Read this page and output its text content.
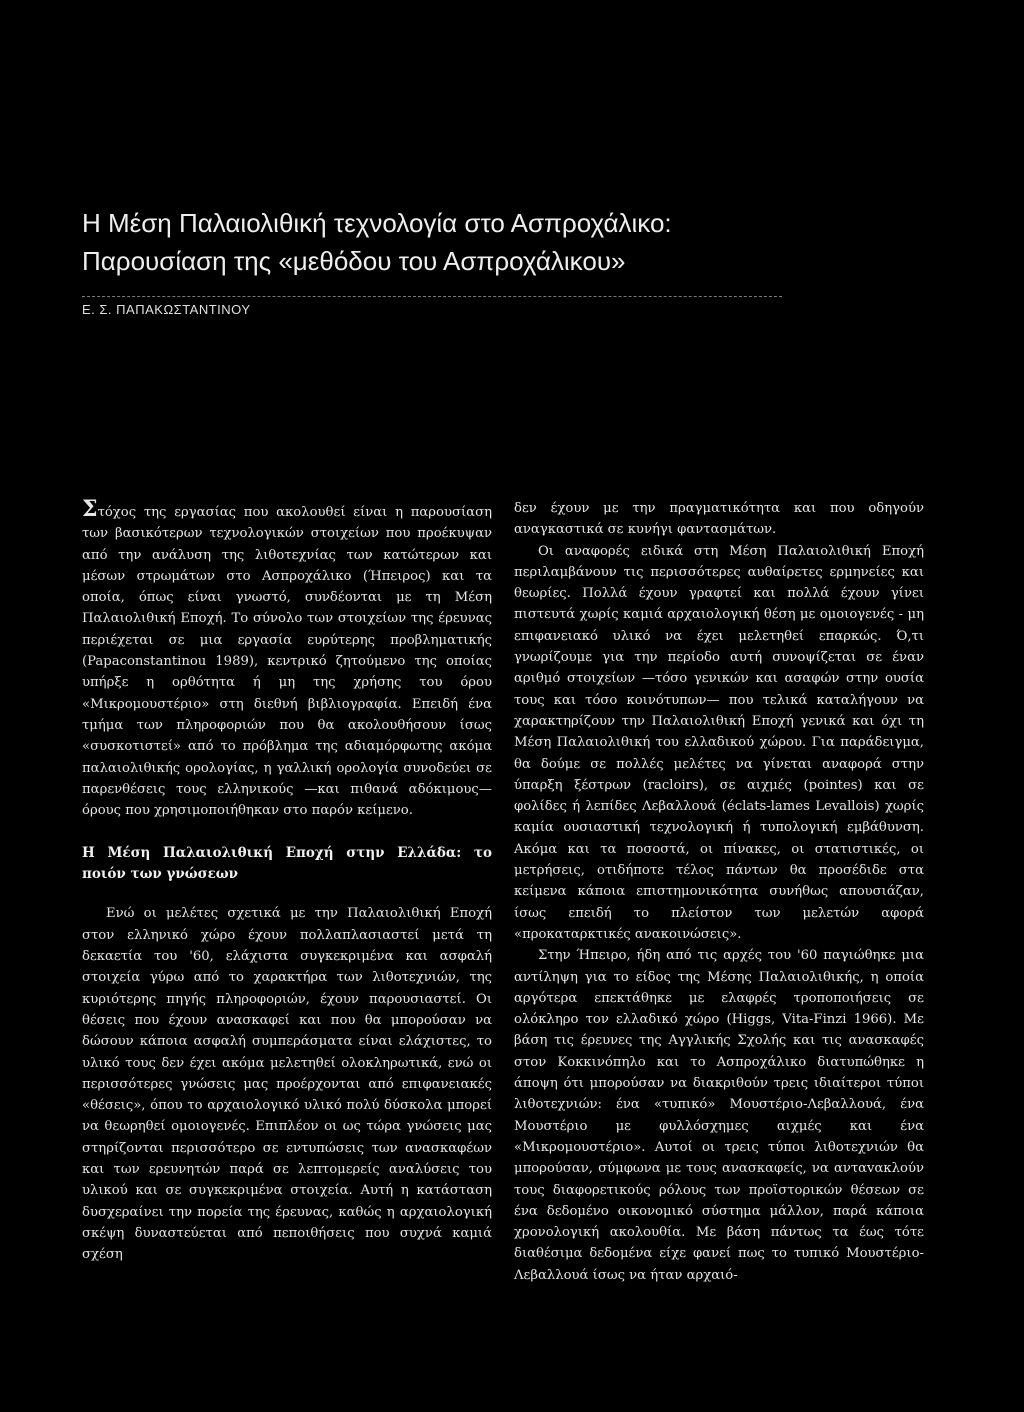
Η Μέση Παλαιολιθική τεχνολογία στο Ασπροχάλικο:
Παρουσίαση της «μεθόδου του Ασπροχάλικου»
Ε. Σ. ΠΑΠΑΚΩΣΤΑΝΤΙΝΟΥ

Στόχος της εργασίας που ακολουθεί είναι η παρουσίαση των βασικότερων τεχνολογικών στοιχείων που προέκυψαν από την ανάλυση της λιθοτεχνίας των κατώτερων και μέσων στρωμάτων στο Ασπροχάλικο (Ήπειρος) και τα οποία, όπως είναι γνωστό, συνδέονται με τη Μέση Παλαιολιθική Εποχή. Το σύνολο των στοιχείων της έρευνας περιέχεται σε μια εργασία ευρύτερης προβληματικής (Papaconstantinou 1989), κεντρικό ζητούμενο της οποίας υπήρξε η ορθότητα ή μη της χρήσης του όρου «Μικρομουστέριο» στη διεθνή βιβλιογραφία. Επειδή ένα τμήμα των πληροφοριών που θα ακολουθήσουν ίσως «συσκοτιστεί» από το πρόβλημα της αδιαμόρφωτης ακόμα παλαιολιθικής ορολογίας, η γαλλική ορολογία συνοδεύει σε παρενθέσεις τους ελληνικούς —και πιθανά αδόκιμους— όρους που χρησιμοποιήθηκαν στο παρόν κείμενο.

Η Μέση Παλαιολιθική Εποχή στην Ελλάδα: το ποιόν των γνώσεων

Ενώ οι μελέτες σχετικά με την Παλαιολιθική Εποχή στον ελληνικό χώρο έχουν πολλαπλασιαστεί μετά τη δεκαετία του '60, ελάχιστα συγκεκριμένα και ασφαλή στοιχεία γύρω από το χαρακτήρα των λιθοτεχνιών, της κυριότερης πηγής πληροφοριών, έχουν παρουσιαστεί. Οι θέσεις που έχουν ανασκαφεί και που θα μπορούσαν να δώσουν κάποια ασφαλή συμπεράσματα είναι ελάχιστες, το υλικό τους δεν έχει ακόμα μελετηθεί ολοκληρωτικά, ενώ οι περισσότερες γνώσεις μας προέρχονται από επιφανειακές «θέσεις», όπου το αρχαιολογικό υλικό πολύ δύσκολα μπορεί να θεωρηθεί ομοιογενές. Επιπλέον οι ως τώρα γνώσεις μας στηρίζονται περισσότερο σε εντυπώσεις των ανασκαφέων και των ερευνητών παρά σε λεπτομερείς αναλύσεις του υλικού και σε συγκεκριμένα στοιχεία. Αυτή η κατάσταση δυσχεραίνει την πορεία της έρευνας, καθώς η αρχαιολογική σκέψη δυναστεύεται από πεποιθήσεις που συχνά καμιά σχέση

δεν έχουν με την πραγματικότητα και που οδηγούν αναγκαστικά σε κυνήγι φαντασμάτων.

Οι αναφορές ειδικά στη Μέση Παλαιολιθική Εποχή περιλαμβάνουν τις περισσότερες αυθαίρετες ερμηνείες και θεωρίες. Πολλά έχουν γραφτεί και πολλά έχουν γίνει πιστευτά χωρίς καμιά αρχαιολογική θέση με ομοιογενές - μη επιφανειακό υλικό να έχει μελετηθεί επαρκώς. Ό,τι γνωρίζουμε για την περίοδο αυτή συνοψίζεται σε έναν αριθμό στοιχείων —τόσο γενικών και ασαφών στην ουσία τους και τόσο κοινότυπων— που τελικά καταλήγουν να χαρακτηρίζουν την Παλαιολιθική Εποχή γενικά και όχι τη Μέση Παλαιολιθική του ελλαδικού χώρου. Για παράδειγμα, θα δούμε σε πολλές μελέτες να γίνεται αναφορά στην ύπαρξη ξέστρων (racloirs), σε αιχμές (pointes) και σε φολίδες ή λεπίδες Λεβαλλουά (éclats-lames Levallois) χωρίς καμία ουσιαστική τεχνολογική ή τυπολογική εμβάθυνση. Ακόμα και τα ποσοστά, οι πίνακες, οι στατιστικές, οι μετρήσεις, οτιδήποτε τέλος πάντων θα προσέδιδε στα κείμενα κάποια επιστημονικότητα συνήθως απουσιάζαν, ίσως επειδή το πλείστον των μελετών αφορά «προκαταρκτικές ανακοινώσεις».

Στην Ήπειρο, ήδη από τις αρχές του '60 παγιώθηκε μια αντίληψη για το είδος της Μέσης Παλαιολιθικής, η οποία αργότερα επεκτάθηκε με ελαφρές τροποποιήσεις σε ολόκληρο τον ελλαδικό χώρο (Higgs, Vita-Finzi 1966). Με βάση τις έρευνες της Αγγλικής Σχολής και τις ανασκαφές στον Κοκκινόπηλο και το Ασπροχάλικο διατυπώθηκε η άποψη ότι μπορούσαν να διακριθούν τρεις ιδιαίτεροι τύποι λιθοτεχνιών: ένα «τυπικό» Μουστέριο-Λεβαλλουά, ένα Μουστέριο με φυλλόσχημες αιχμές και ένα «Μικρομουστέριο». Αυτοί οι τρεις τύποι λιθοτεχνιών θα μπορούσαν, σύμφωνα με τους ανασκαφείς, να ανταvακλούν τους διαφορετικούς ρόλους των προϊστορικών θέσεων σε ένα δεδομένο οικονομικό σύστημα μάλλον, παρά κάποια χρονολογική ακολουθία. Με βάση πάντως τα έως τότε διαθέσιμα δεδομένα είχε φανεί πως το τυπικό Μουστέριο-Λεβαλλουά ίσως να ήταν αρχαιό-
